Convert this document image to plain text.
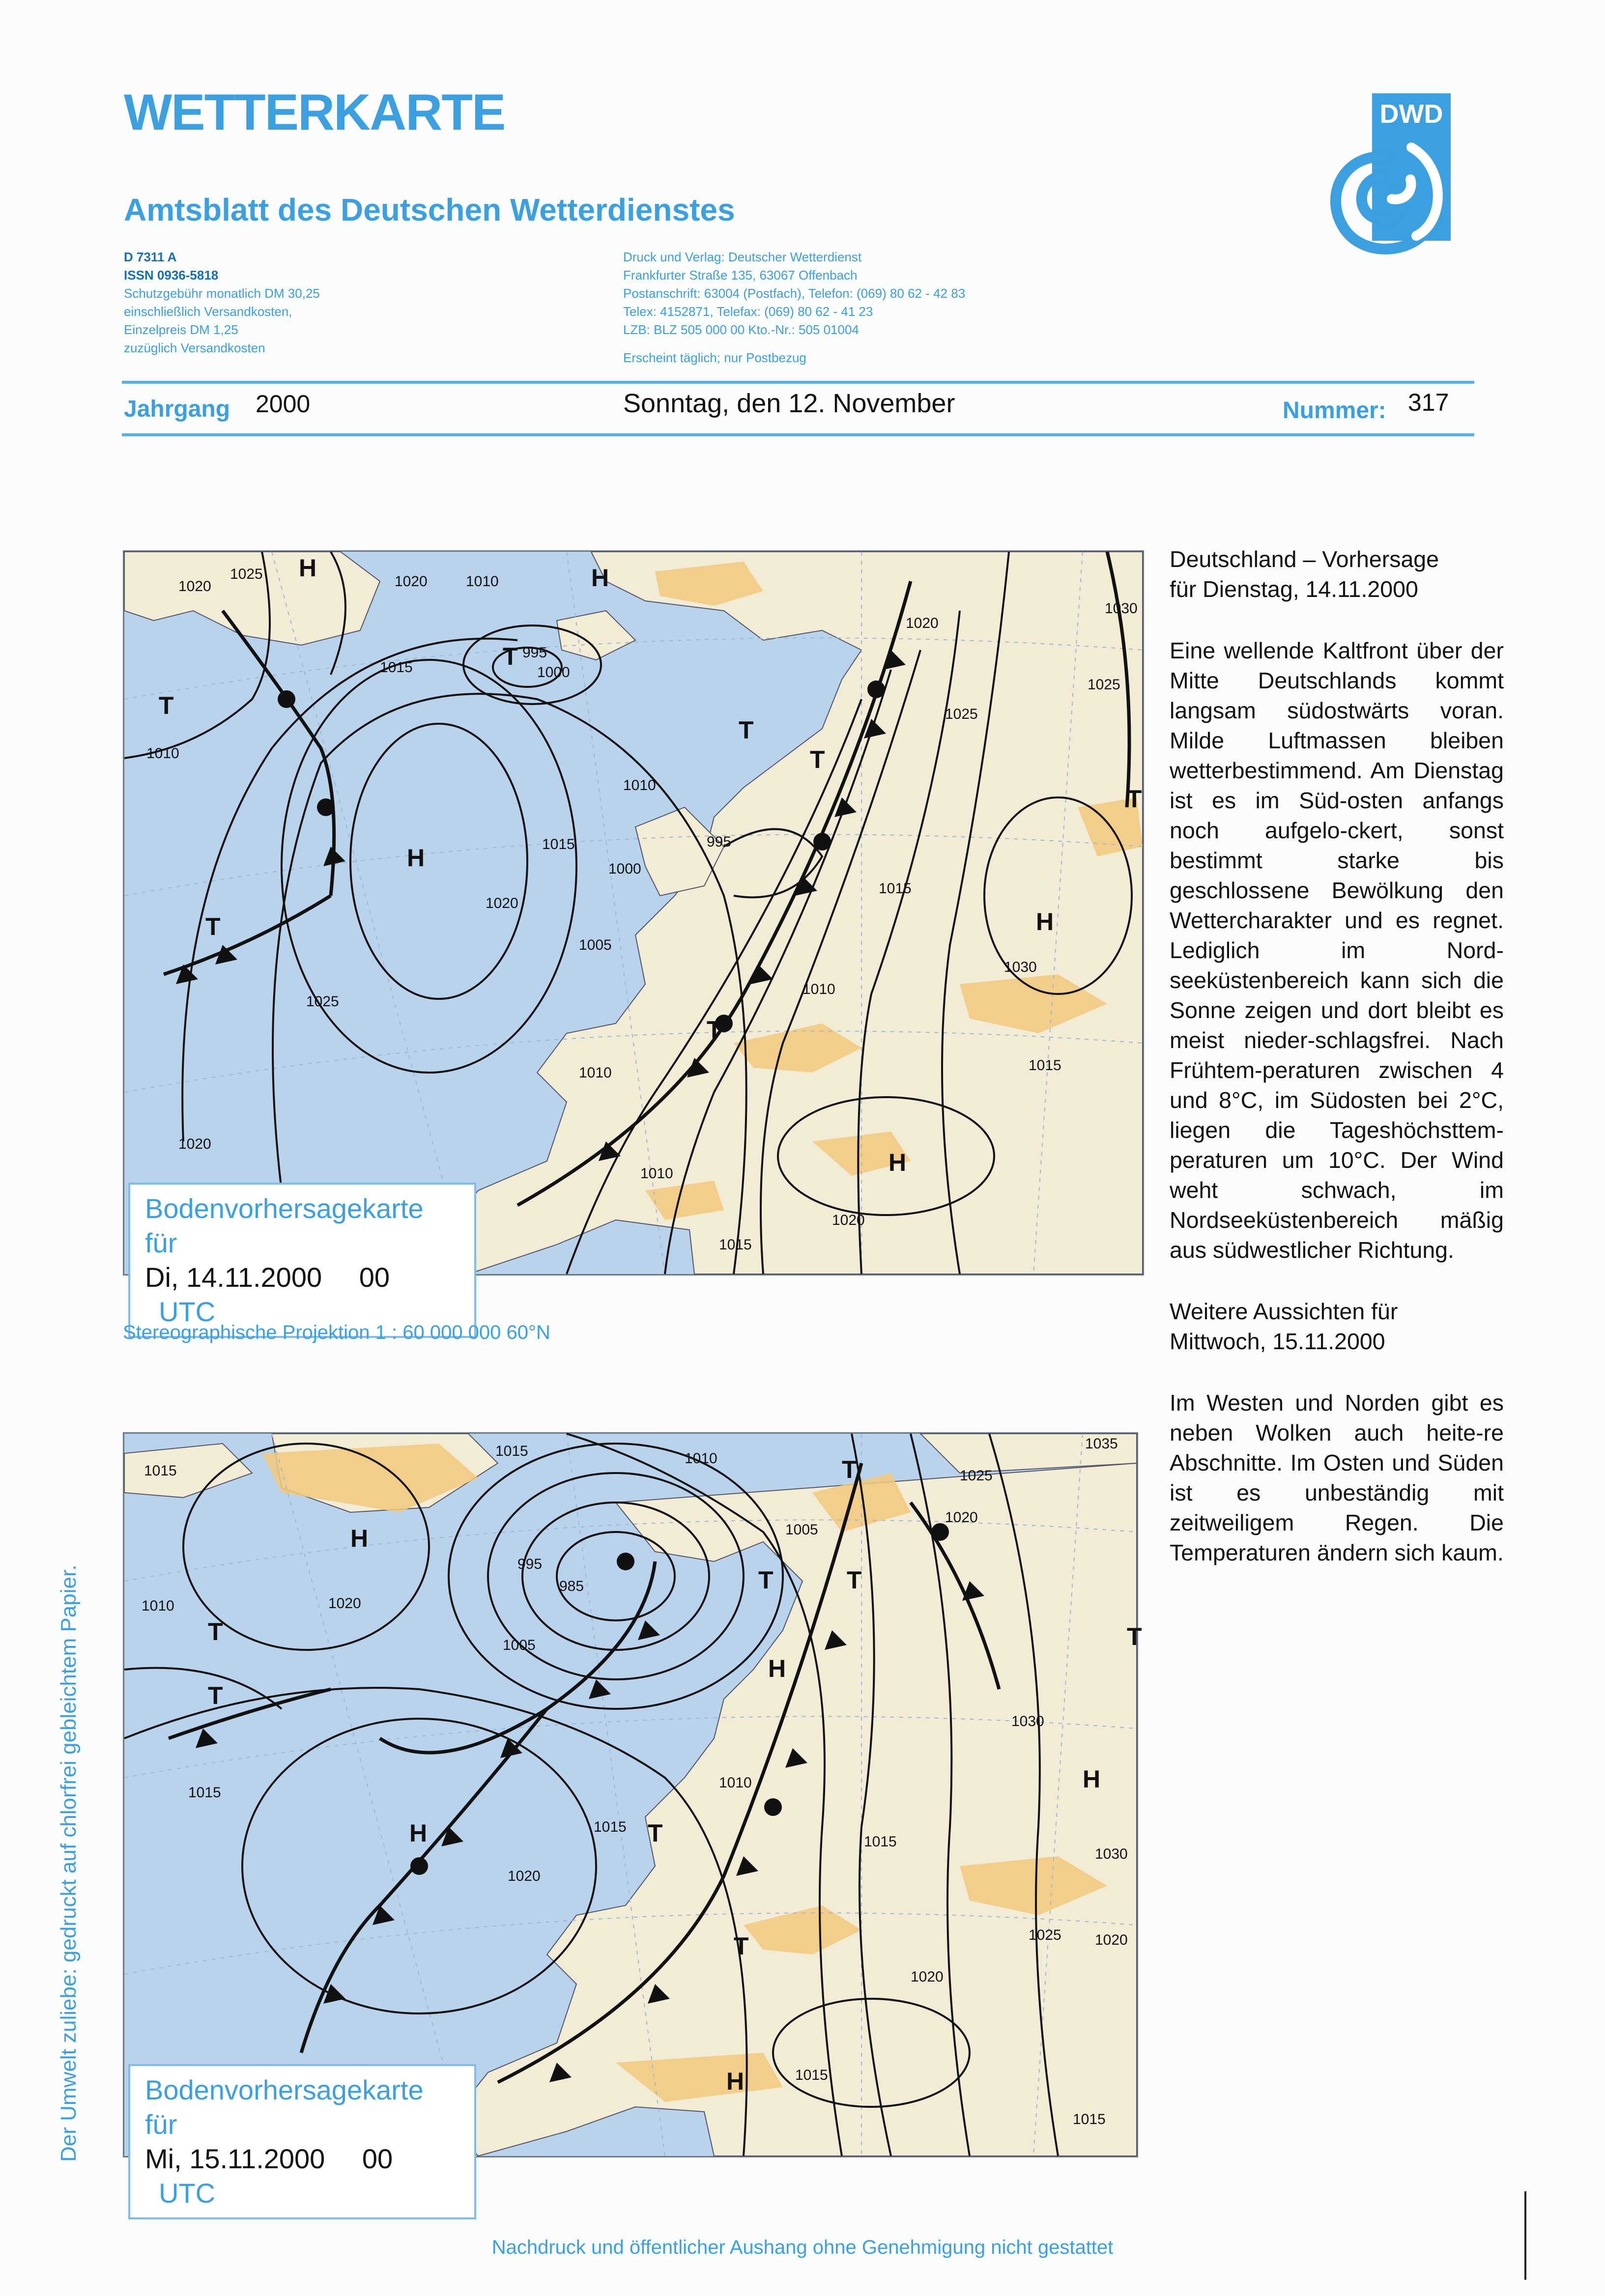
WETTERKARTE
Amtsblatt des Deutschen Wetterdienstes
D 7311 A
ISSN 0936-5818
Schutzgebühr monatlich DM 30,25
einschließlich Versandkosten,
Einzelpreis DM 1,25
zuzüglich Versandkosten
Druck und Verlag: Deutscher Wetterdienst
Frankfurter Straße 135, 63067 Offenbach
Postanschrift: 63004 (Postfach), Telefon: (069) 80 62 - 42 83
Telex: 4152871, Telefax: (069) 80 62 - 41 23
LZB: BLZ 505 000 00 Kto.-Nr.: 505 01004
Erscheint täglich; nur Postbezug
DWD
Jahrgang 2000	Sonntag, den 12. November	Nummer: 317
H	H
H
H
H
T
T
T
T
T
T
T
1020
1025	1020	1010
1015
995
1000
1010
1030
1020
1025
1025
1010
1015	995
1000
1020
1005
1015
1030
1025
1010
1015
1010
1020
1010
1020
1015
Bodenvorhersagekarte für
Di, 14.11.2000 00 UTC
Stereographische Projektion 1 : 60 000 000 60°N
H
H
H
H
H
T
T
T	T
T
T
T
T
1015
1015	1010
1035
1025
1020
1005
995
985
1010	1020
1005
1030
1010
1015
1015
1015
1030
1020
1025 1020
1020
1015
1015
Bodenvorhersagekarte für
Mi, 15.11.2000 00 UTC

Deutschland – Vorhersage

für Dienstag, 14.11.2000

Eine wellende Kaltfront über der Mitte Deutschlands kommt langsam südostwärts voran. Milde Luftmassen bleiben wetterbestimmend. Am Dienstag ist es im Süd-osten anfangs noch aufgelo-ckert, sonst bestimmt starke bis geschlossene Bewölkung den Wettercharakter und es regnet. Lediglich im Nord-seeküstenbereich kann sich die Sonne zeigen und dort bleibt es meist nieder-schlagsfrei. Nach Frühtem-peraturen zwischen 4 und 8°C, im Südosten bei 2°C, liegen die Tageshöchsttem-peraturen um 10°C. Der Wind weht schwach, im Nordseeküstenbereich mäßig aus südwestlicher Richtung.

Weitere Aussichten für

Mittwoch, 15.11.2000

Im Westen und Norden gibt es neben Wolken auch heite-re Abschnitte. Im Osten und Süden ist es unbeständig mit zeitweiligem Regen. Die Temperaturen ändern sich kaum.

Der Umwelt zuliebe: gedruckt auf chlorfrei gebleichtem Papier.
Nachdruck und öffentlicher Aushang ohne Genehmigung nicht gestattet
